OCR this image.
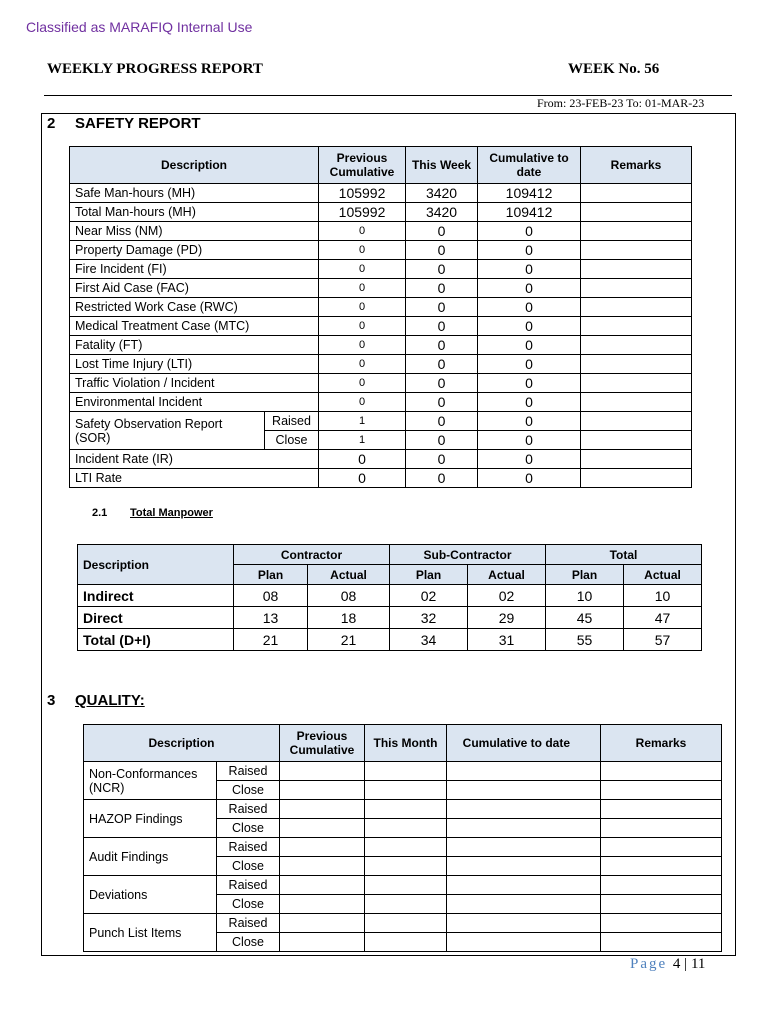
Classified as MARAFIQ Internal Use
WEEKLY PROGRESS REPORT	WEEK No. 56
From: 23-FEB-23 To: 01-MAR-23
2 SAFETY REPORT
Description		Previous Cumulative	This Week	Cumulative to date	Remarks
Safe Man-hours (MH)		105992	3420	109412	
Total Man-hours (MH)		105992	3420	109412	
Near Miss (NM)		0	0	0	
Property Damage (PD)		0	0	0	
Fire Incident (FI)		0	0	0	
First Aid Case (FAC)		0	0	0	
Restricted Work Case (RWC)		0	0	0	
Medical Treatment Case (MTC)		0	0	0	
Fatality (FT)		0	0	0	
Lost Time Injury (LTI)		0	0	0	
Traffic Violation / Incident		0	0	0	
Environmental Incident		0	0	0	
Safety Observation Report (SOR)	Raised	1	0	0	
	Close	1	0	0	
Incident Rate (IR)		0	0	0	
LTI Rate		0	0	0	
2.1 Total Manpower
Description	Contractor		Sub-Contractor		Total	
	Plan	Actual	Plan	Actual	Plan	Actual
Indirect	08	08	02	02	10	10
Direct	13	18	32	29	45	47
Total (D+I)	21	21	34	31	55	57
3 QUALITY:
Description		Previous Cumulative	This Month	Cumulative to date	Remarks
Non-Conformances (NCR)	Raised				
	Close				
HAZOP Findings	Raised				
	Close				
Audit Findings	Raised				
	Close				
Deviations	Raised				
	Close				
Punch List Items	Raised				
	Close				
Page 4 | 11
